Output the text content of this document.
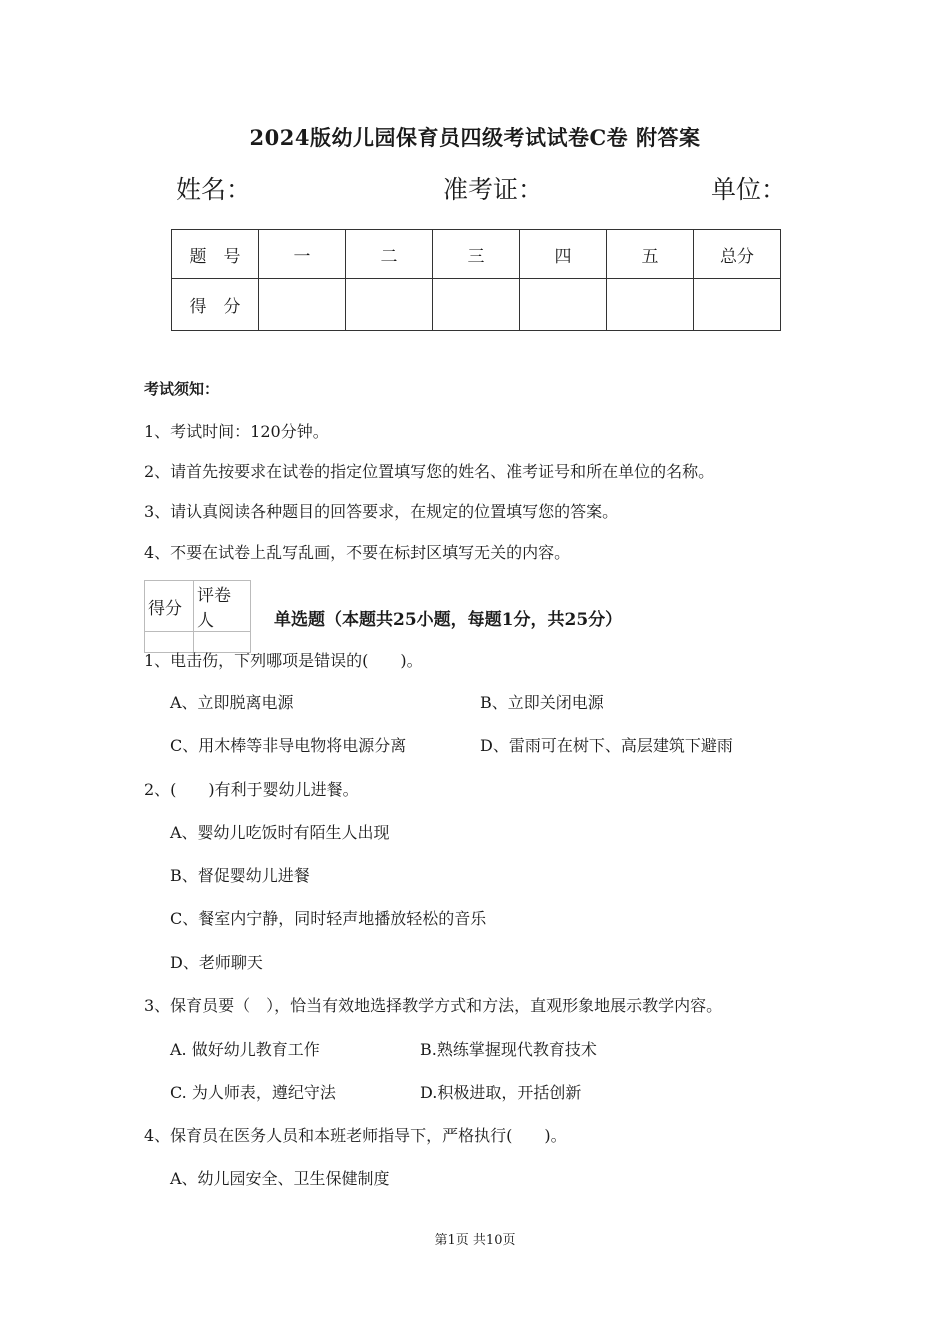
2024版幼儿园保育员四级考试试卷C卷 附答案
姓名：	准考证：	单位：
题　号	一	二	三	四	五	总分
得　分						
考试须知：
1、考试时间：120分钟。
2、请首先按要求在试卷的指定位置填写您的姓名、准考证号和所在单位的名称。
3、请认真阅读各种题目的回答要求，在规定的位置填写您的答案。
4、不要在试卷上乱写乱画，不要在标封区填写无关的内容。
得分	评卷人
		单选题（本题共25小题，每题1分，共25分）
1、电击伤，下列哪项是错误的(　　)。
A、立即脱离电源	B、立即关闭电源
C、用木棒等非导电物将电源分离	D、雷雨可在树下、高层建筑下避雨
2、(　　)有利于婴幼儿进餐。
A、婴幼儿吃饭时有陌生人出现
B、督促婴幼儿进餐
C、餐室内宁静，同时轻声地播放轻松的音乐
D、老师聊天
3、保育员要（　），恰当有效地选择教学方式和方法，直观形象地展示教学内容。
A. 做好幼儿教育工作	B.熟练掌握现代教育技术
C. 为人师表，遵纪守法	D.积极进取，开括创新
4、保育员在医务人员和本班老师指导下，严格执行(　　)。
A、幼儿园安全、卫生保健制度
第1页 共10页
